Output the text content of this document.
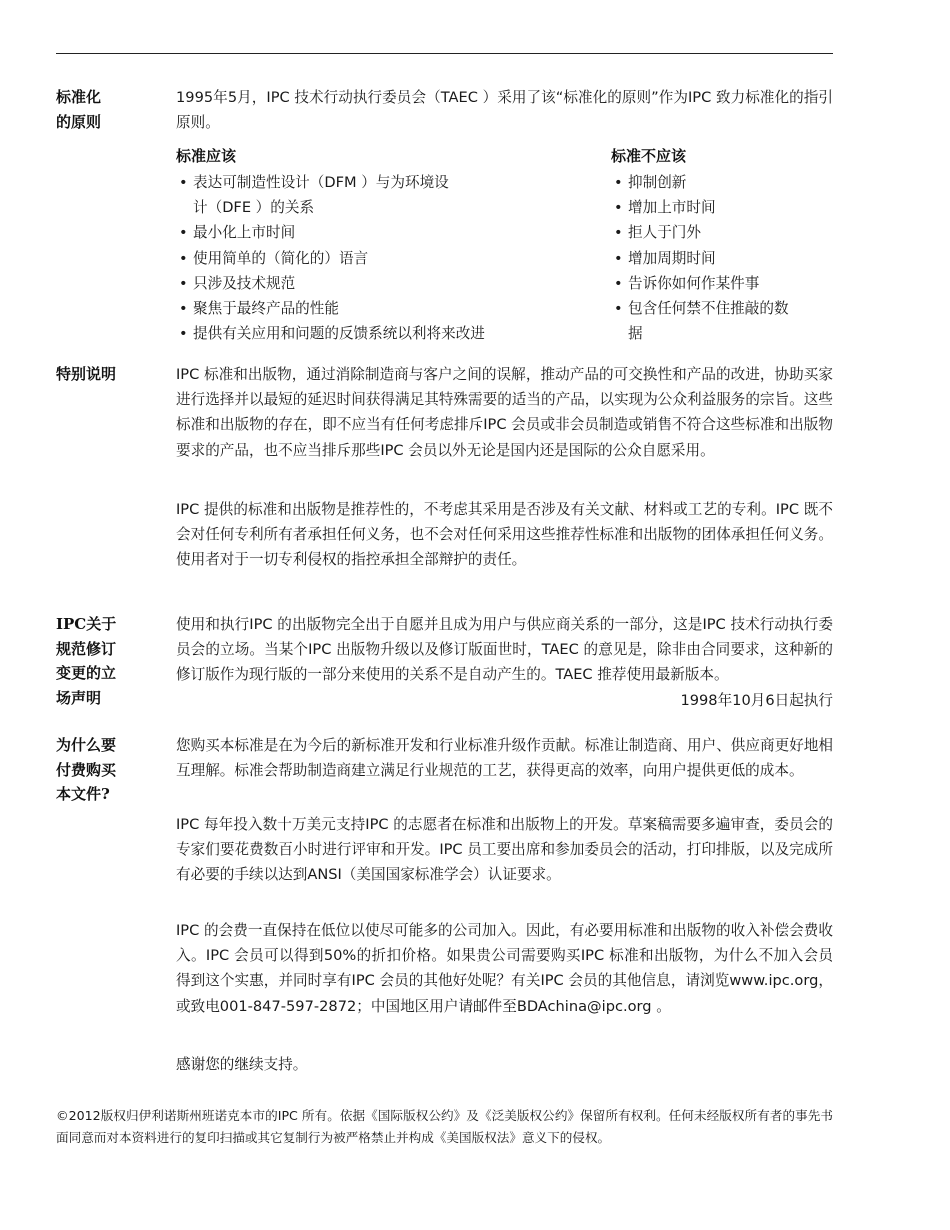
标准化
的原则

1995年5月，IPC 技术行动执行委员会（TAEC ）采用了该“标准化的原则”作为IPC 致力标准化的指引原则。

标准应该
• 表达可制造性设计（DFM ）与为环境设计（DFE ）的关系
• 最小化上市时间
• 使用简单的（简化的）语言
• 只涉及技术规范
• 聚焦于最终产品的性能
• 提供有关应用和问题的反馈系统以利将来改进
标准不应该
• 抑制创新
• 增加上市时间
• 拒人于门外
• 增加周期时间
• 告诉你如何作某件事
• 包含任何禁不住推敲的数据
特别说明	IPC 标准和出版物，通过消除制造商与客户之间的误解，推动产品的可交换性和产品的改进，协助买家进行选择并以最短的延迟时间获得满足其特殊需要的适当的产品，以实现为公众利益服务的宗旨。这些标准和出版物的存在，即不应当有任何考虑排斥IPC 会员或非会员制造或销售不符合这些标准和出版物要求的产品，也不应当排斥那些IPC 会员以外无论是国内还是国际的公众自愿采用。

IPC 提供的标准和出版物是推荐性的，不考虑其采用是否涉及有关文献、材料或工艺的专利。IPC 既不会对任何专利所有者承担任何义务，也不会对任何采用这些推荐性标准和出版物的团体承担任何义务。使用者对于一切专利侵权的指控承担全部辩护的责任。

IPC关于
规范修订
变更的立
场声明

使用和执行IPC 的出版物完全出于自愿并且成为用户与供应商关系的一部分，这是IPC 技术行动执行委员会的立场。当某个IPC 出版物升级以及修订版面世时，TAEC 的意见是，除非由合同要求，这种新的修订版作为现行版的一部分来使用的关系不是自动产生的。TAEC 推荐使用最新版本。
1998年10月6日起执行

为什么要
付费购买
本文件?

您购买本标准是在为今后的新标准开发和行业标准升级作贡献。标准让制造商、用户、供应商更好地相互理解。标准会帮助制造商建立满足行业规范的工艺，获得更高的效率，向用户提供更低的成本。

IPC 每年投入数十万美元支持IPC 的志愿者在标准和出版物上的开发。草案稿需要多遍审查，委员会的专家们要花费数百小时进行评审和开发。IPC 员工要出席和参加委员会的活动，打印排版，以及完成所有必要的手续以达到ANSI（美国国家标准学会）认证要求。

IPC 的会费一直保持在低位以使尽可能多的公司加入。因此，有必要用标准和出版物的收入补偿会费收入。IPC 会员可以得到50%的折扣价格。如果贵公司需要购买IPC 标准和出版物，为什么不加入会员得到这个实惠，并同时享有IPC 会员的其他好处呢？有关IPC 会员的其他信息，请浏览www.ipc.org，或致电001-847-597-2872；中国地区用户请邮件至BDAchina@ipc.org 。

感谢您的继续支持。

©2012版权归伊利诺斯州班诺克本市的IPC 所有。依据《国际版权公约》及《泛美版权公约》保留所有权利。任何未经版权所有者的事先书面同意而对本资料进行的复印扫描或其它复制行为被严格禁止并构成《美国版权法》意义下的侵权。
